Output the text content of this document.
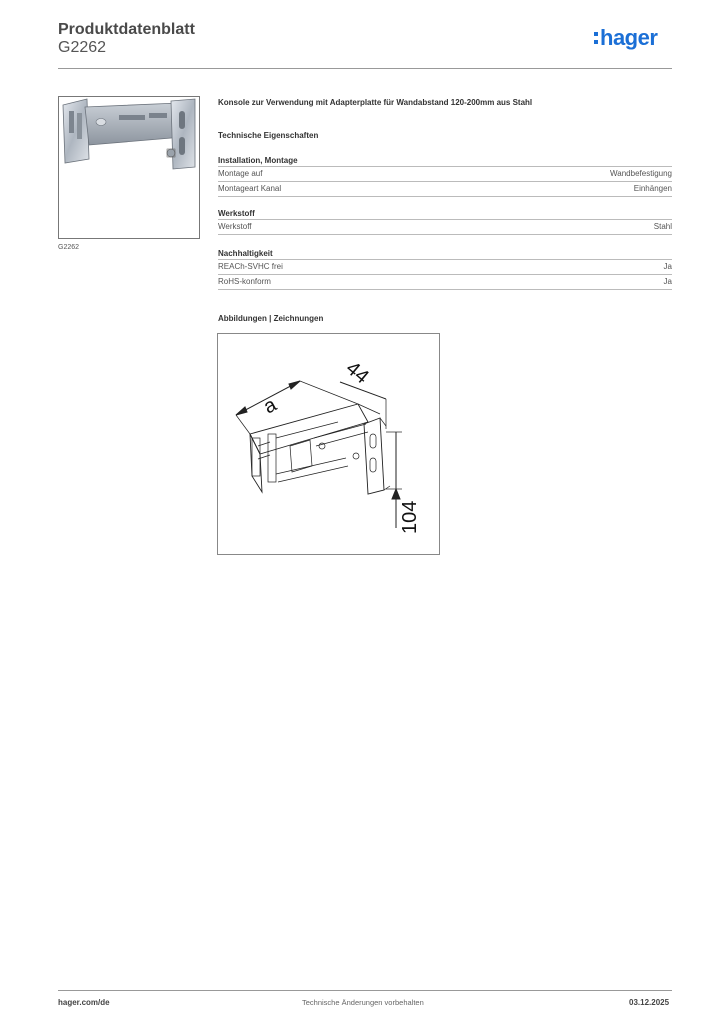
Produktdatenblatt
G2262	hager
G2262
Konsole zur Verwendung mit Adapterplatte für Wandabstand 120-200mm aus Stahl
Technische Eigenschaften
Installation, Montage
Montage auf	Wandbefestigung
Montageart Kanal	Einhängen
Werkstoff
Werkstoff	Stahl
Nachhaltigkeit
REACh-SVHC frei	Ja
RoHS-konform	Ja
Abbildungen | Zeichnungen
a
44
104
hager.com/de	Technische Änderungen vorbehalten	03.12.2025
